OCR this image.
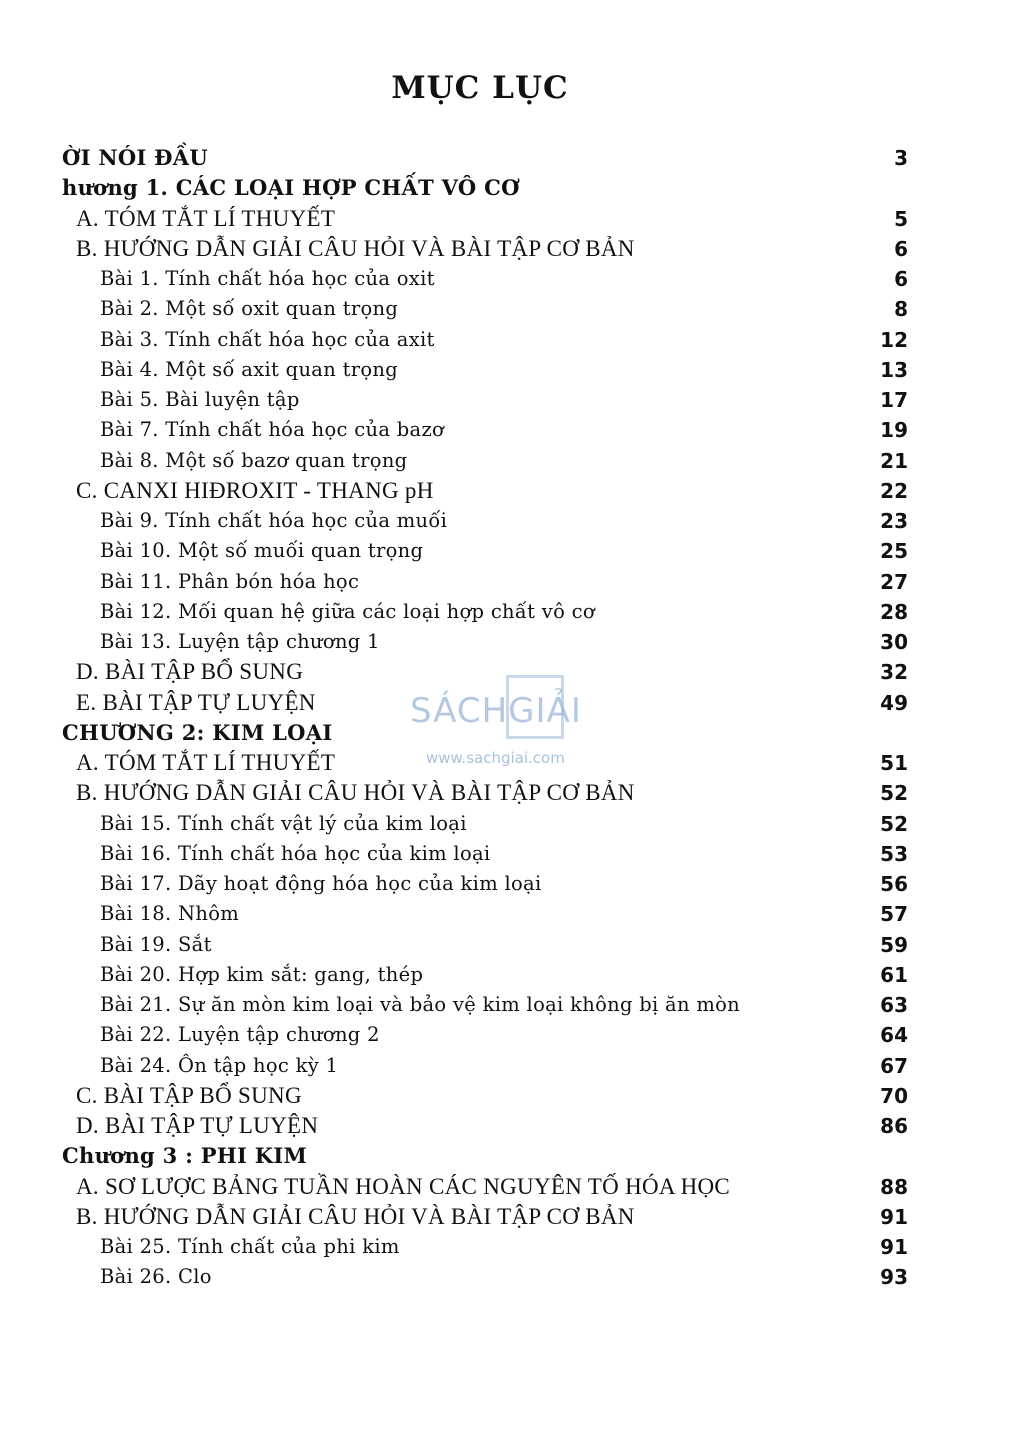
MỤC LỤC
ỜI NÓI ĐẦU	3
hương 1. CÁC LOẠI HỢP CHẤT VÔ CƠ
A. TÓM TẮT LÍ THUYẾT	5
B. HƯỚNG DẪN GIẢI CÂU HỎI VÀ BÀI TẬP CƠ BẢN	6
Bài 1. Tính chất hóa học của oxit	6
Bài 2. Một số oxit quan trọng	8
Bài 3. Tính chất hóa học của axit	12
Bài 4. Một số axit quan trọng	13
Bài 5. Bài luyện tập	17
Bài 7. Tính chất hóa học của bazơ	19
Bài 8. Một số bazơ quan trọng	21
C. CANXI HIĐROXIT - THANG pH	22
Bài 9. Tính chất hóa học của muối	23
Bài 10. Một số muối quan trọng	25
Bài 11. Phân bón hóa học	27
Bài 12. Mối quan hệ giữa các loại hợp chất vô cơ	28
Bài 13. Luyện tập chương 1	30
D. BÀI TẬP BỔ SUNG	32
E. BÀI TẬP TỰ LUYỆN	49
CHƯƠNG 2: KIM LOẠI
A. TÓM TẮT LÍ THUYẾT	51
B. HƯỚNG DẪN GIẢI CÂU HỎI VÀ BÀI TẬP CƠ BẢN	52
Bài 15. Tính chất vật lý của kim loại	52
Bài 16. Tính chất hóa học của kim loại	53
Bài 17. Dãy hoạt động hóa học của kim loại	56
Bài 18. Nhôm	57
Bài 19. Sắt	59
Bài 20. Hợp kim sắt: gang, thép	61
Bài 21. Sự ăn mòn kim loại và bảo vệ kim loại không bị ăn mòn	63
Bài 22. Luyện tập chương 2	64
Bài 24. Ôn tập học kỳ 1	67
C. BÀI TẬP BỔ SUNG	70
D. BÀI TẬP TỰ LUYỆN	86
Chương 3 : PHI KIM
A. SƠ LƯỢC BẢNG TUẦN HOÀN CÁC NGUYÊN TỐ HÓA HỌC	88
B. HƯỚNG DẪN GIẢI CÂU HỎI VÀ BÀI TẬP CƠ BẢN	91
Bài 25. Tính chất của phi kim	91
Bài 26. Clo	93
SÁCHGIẢI
www.sachgiai.com
